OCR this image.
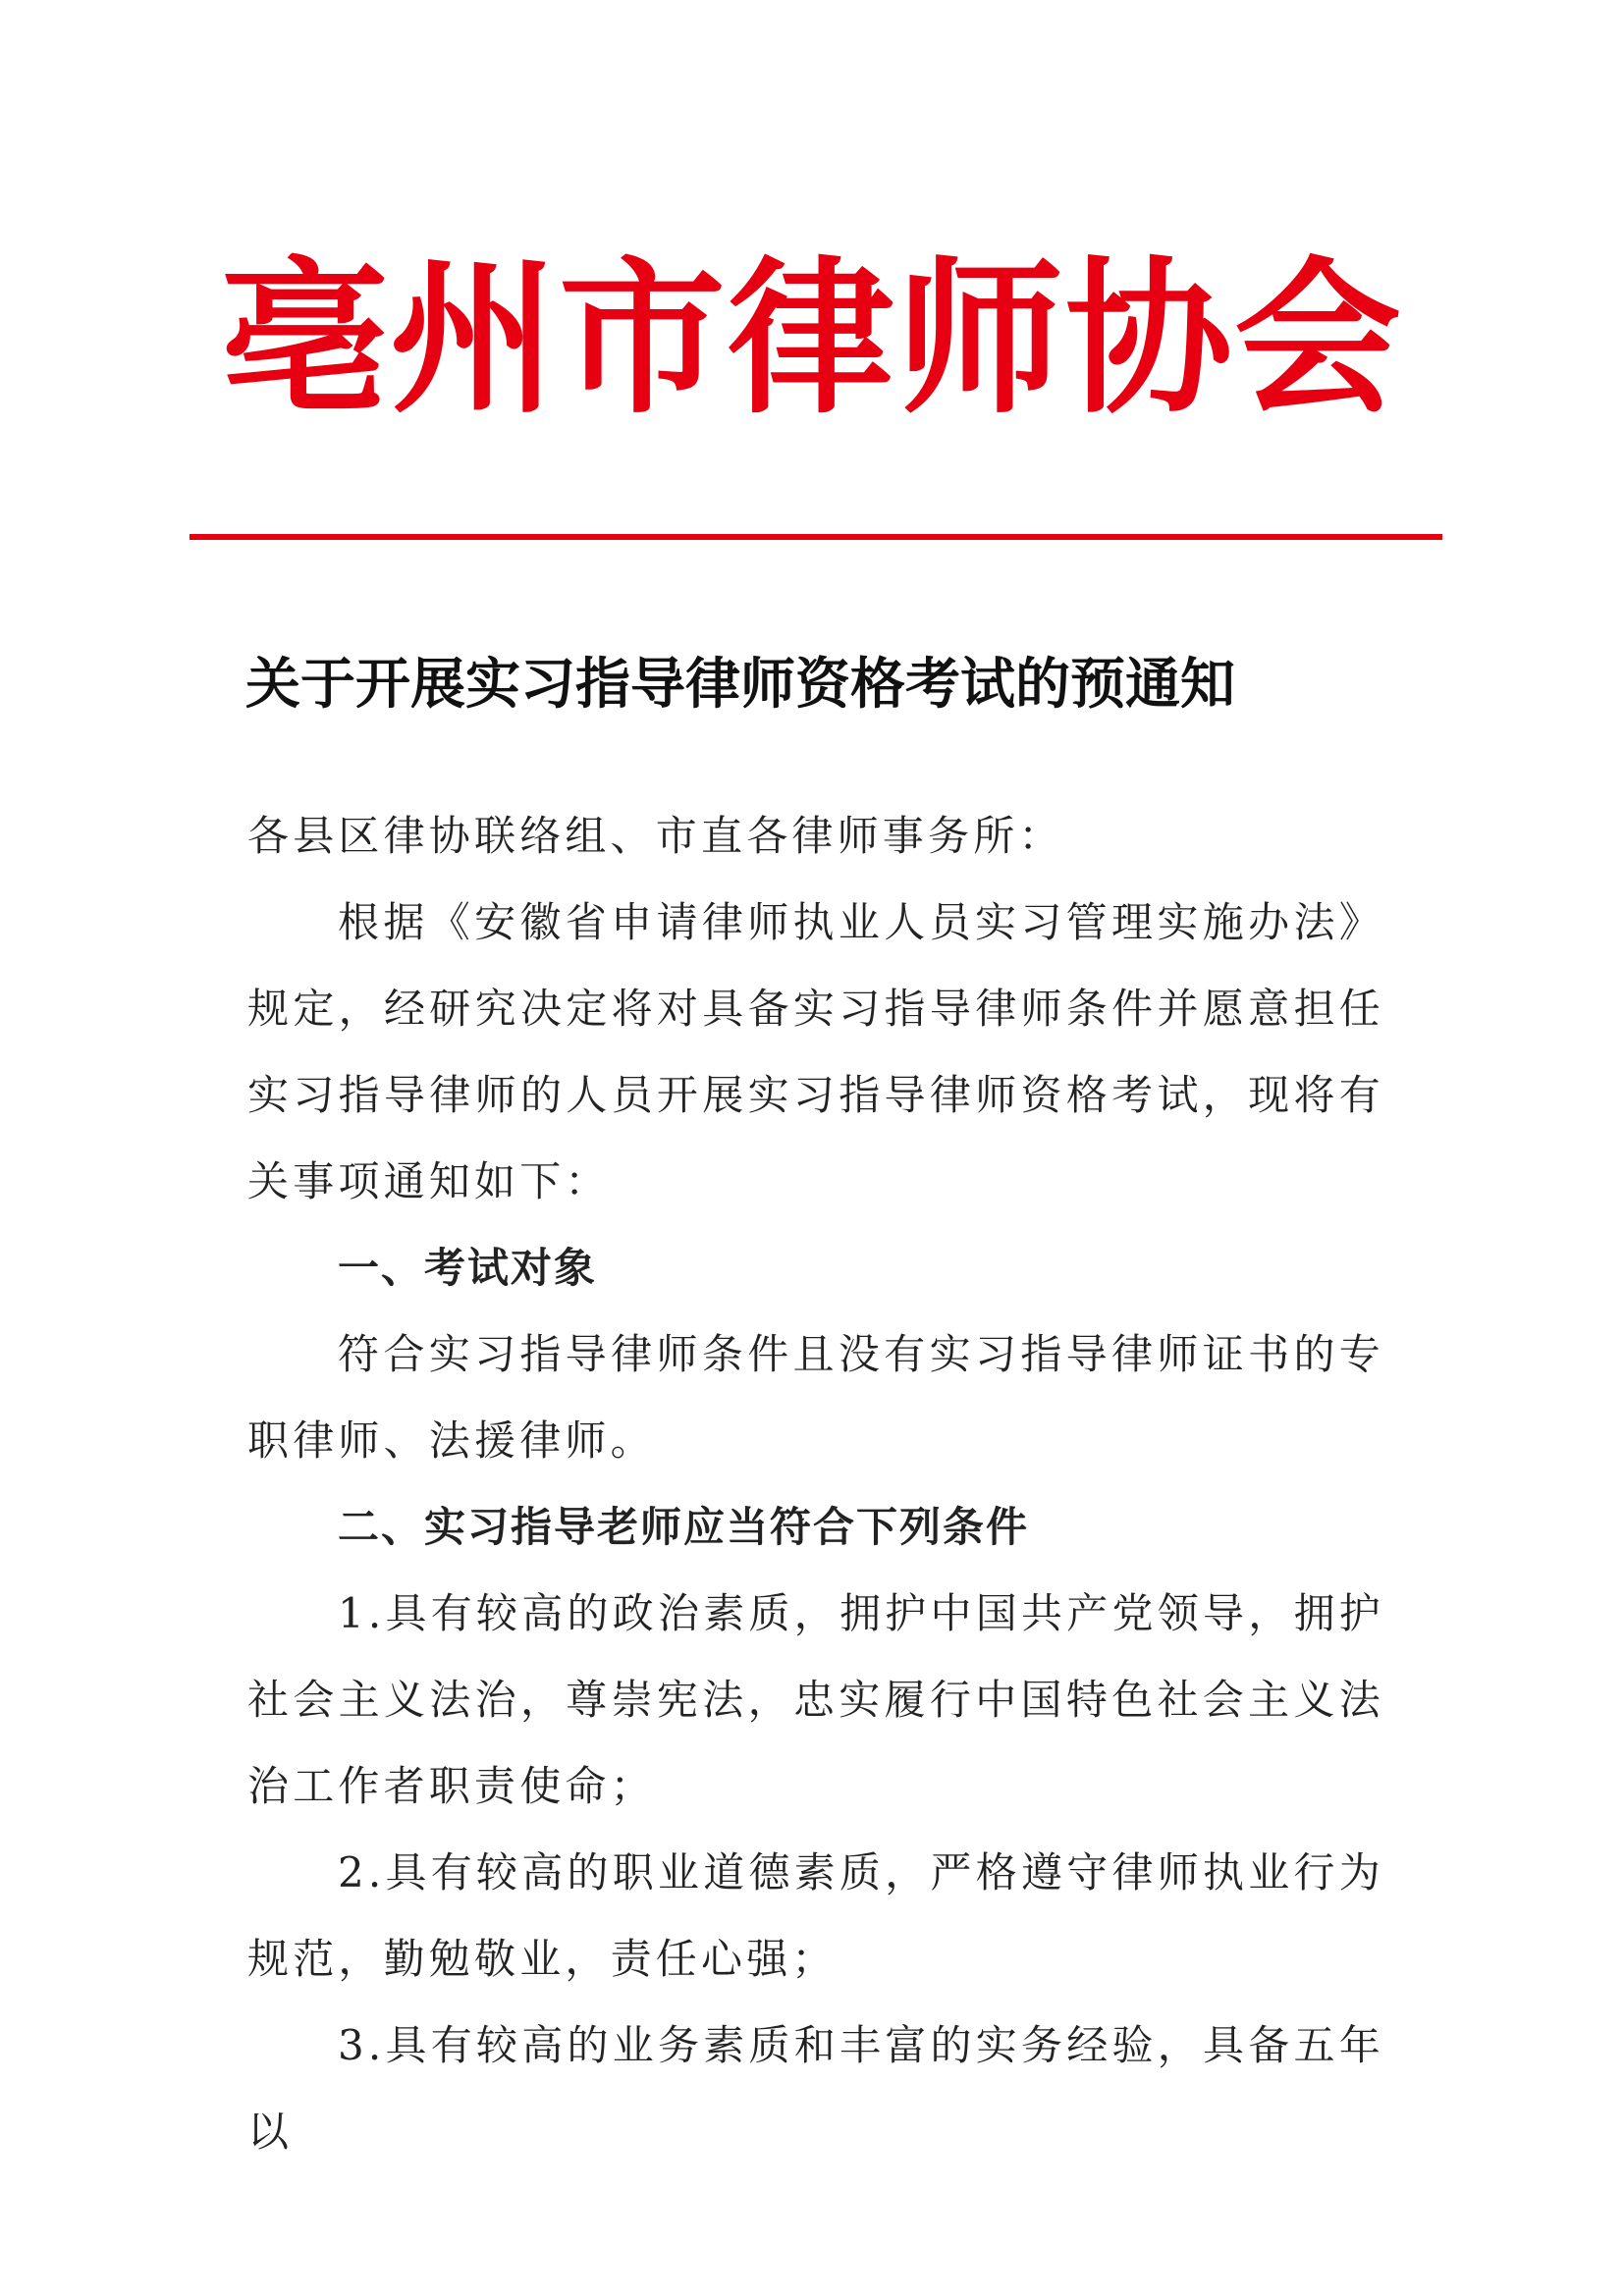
亳州市律师协会
关于开展实习指导律师资格考试的预通知

各县区律协联络组、市直各律师事务所：

根据《安徽省申请律师执业人员实习管理实施办法》规定，经研究决定将对具备实习指导律师条件并愿意担任实习指导律师的人员开展实习指导律师资格考试，现将有关事项通知如下：

一、考试对象

符合实习指导律师条件且没有实习指导律师证书的专职律师、法援律师。

二、实习指导老师应当符合下列条件

1.具有较高的政治素质，拥护中国共产党领导，拥护社会主义法治，尊崇宪法，忠实履行中国特色社会主义法治工作者职责使命；

2.具有较高的职业道德素质，严格遵守律师执业行为规范，勤勉敬业，责任心强；

3.具有较高的业务素质和丰富的实务经验，具备五年以
